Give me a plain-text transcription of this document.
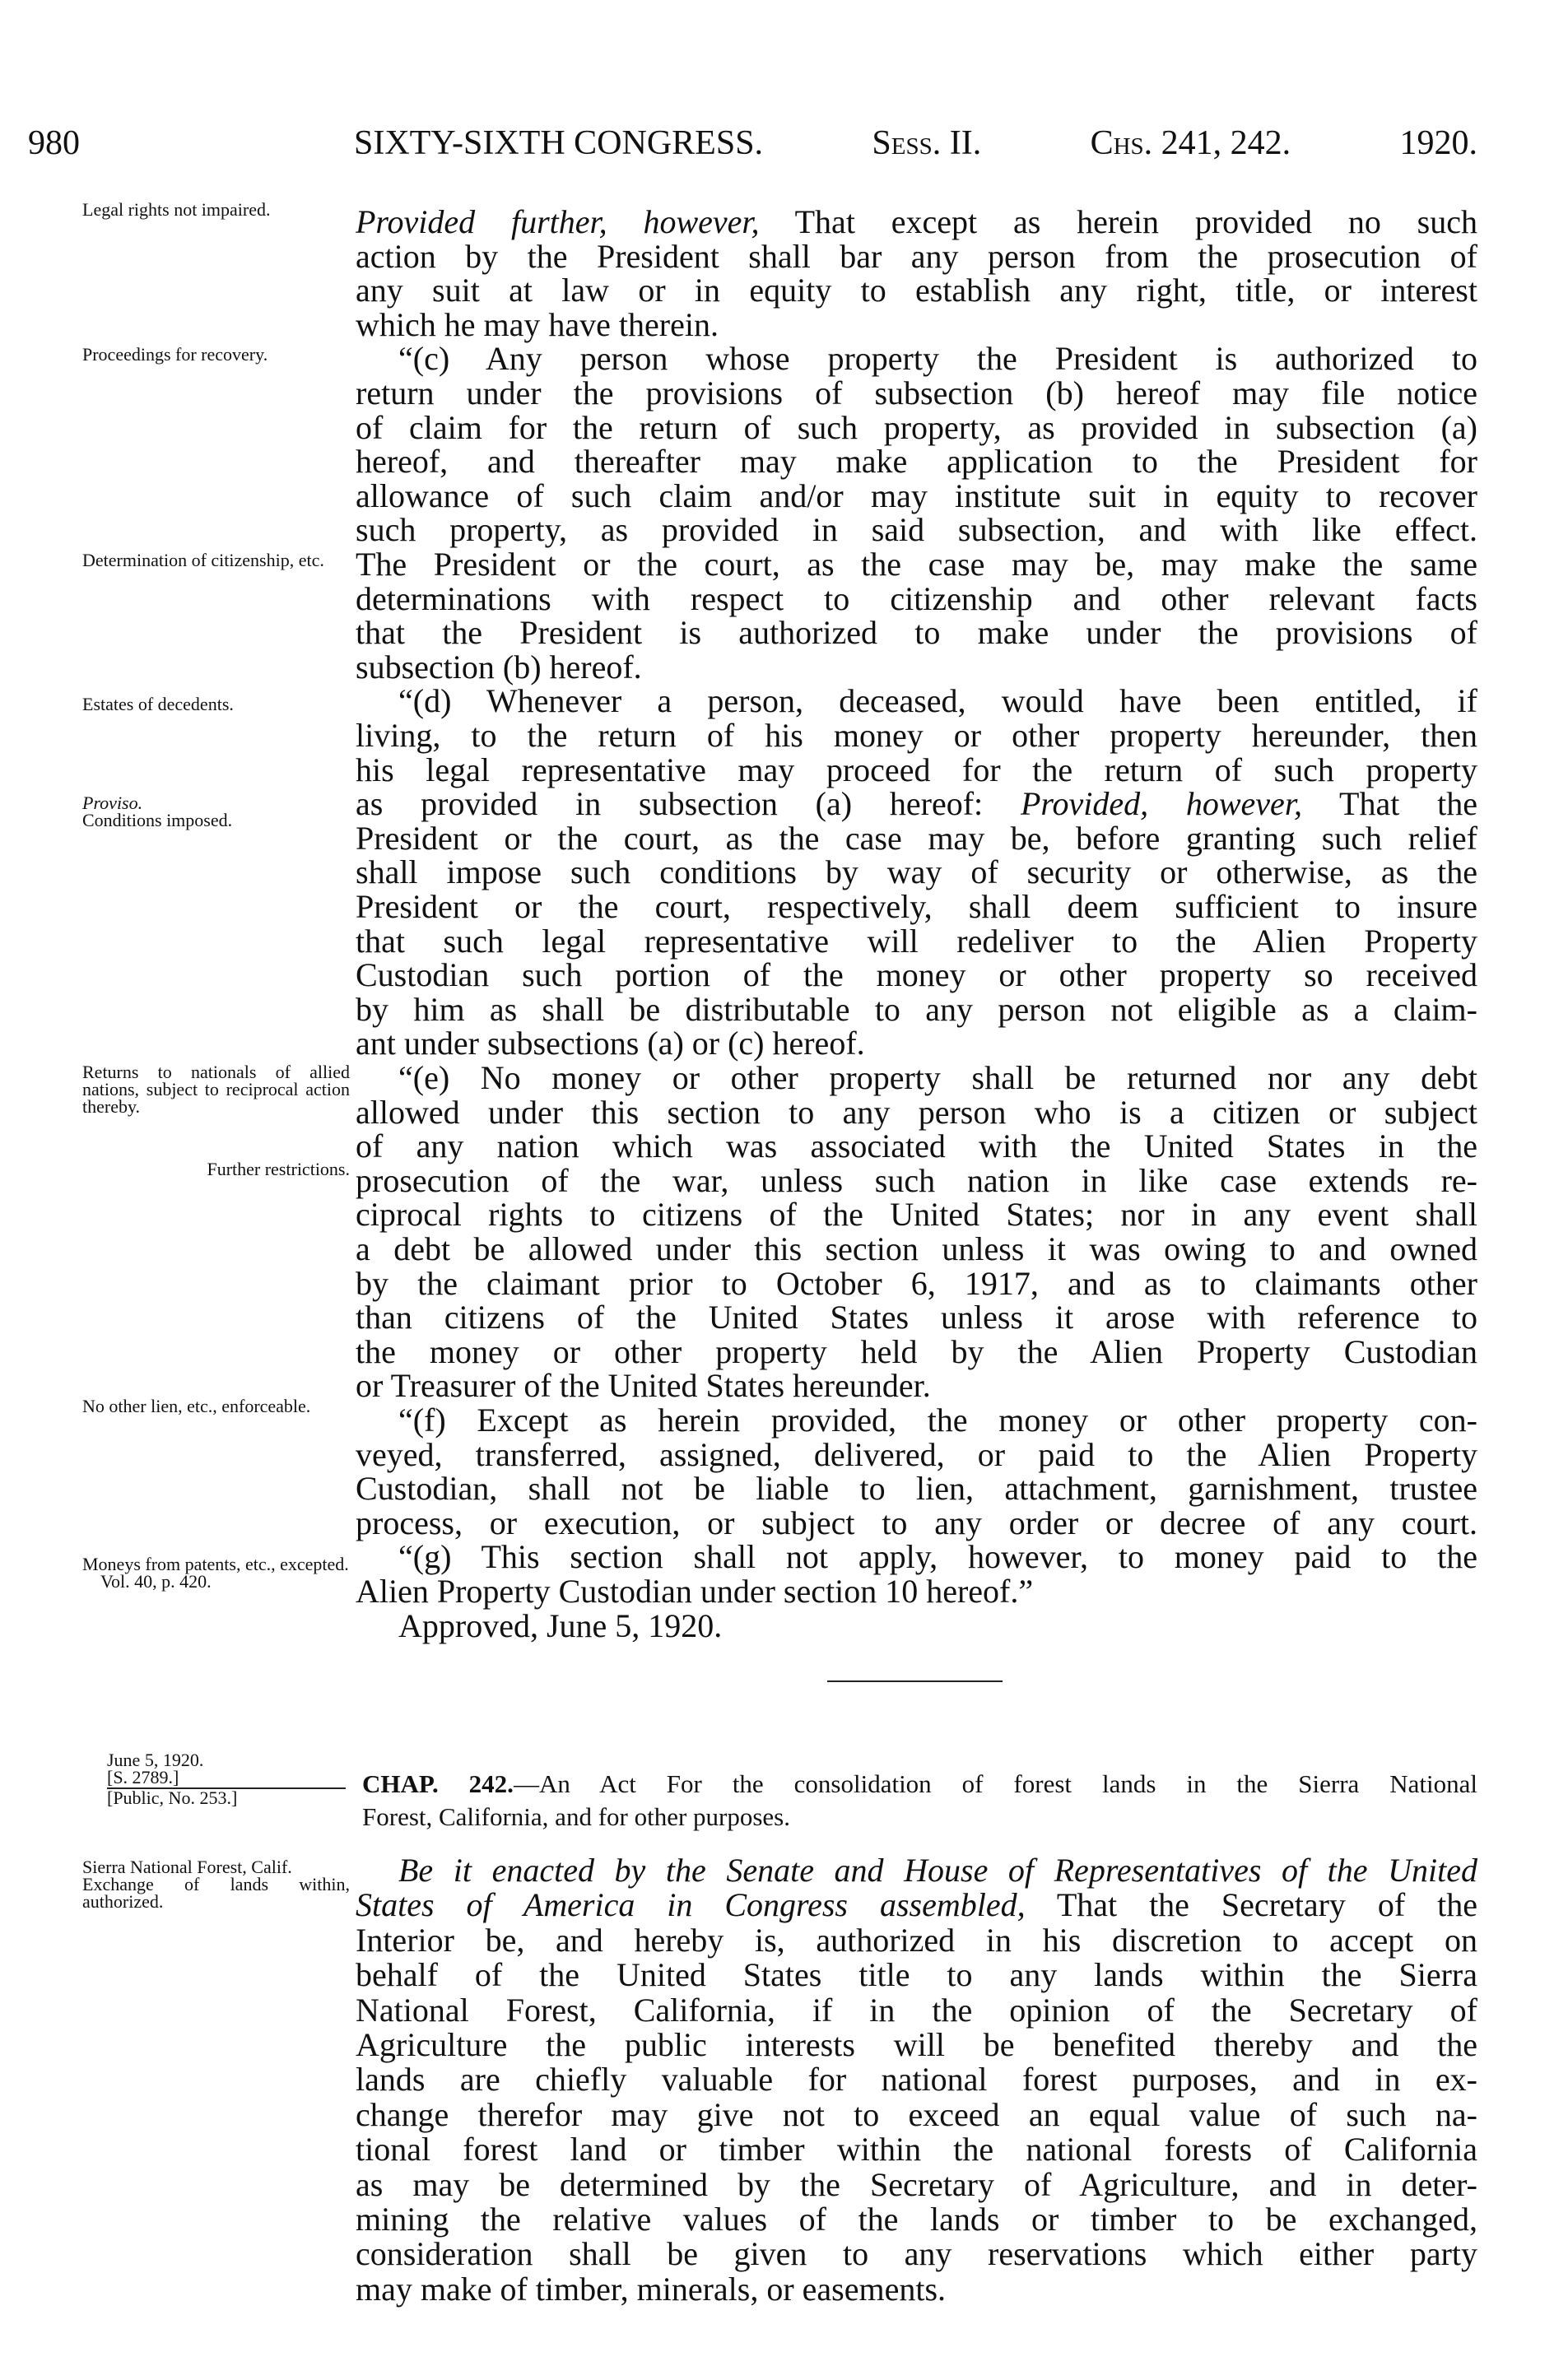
980	SIXTY-SIXTH CONGRESS.	Sess. II.	Chs. 241, 242.	1920.
Provided further, however, That except as herein provided no such
action by the President shall bar any person from the prosecution of
any suit at law or in equity to establish any right, title, or interest
which he may have therein.
“(c) Any person whose property the President is authorized to
return under the provisions of subsection (b) hereof may file notice
of claim for the return of such property, as provided in subsection (a)
hereof, and thereafter may make application to the President for
allowance of such claim and/or may institute suit in equity to recover
such property, as provided in said subsection, and with like effect.
The President or the court, as the case may be, may make the same
determinations with respect to citizenship and other relevant facts
that the President is authorized to make under the provisions of
subsection (b) hereof.
“(d) Whenever a person, deceased, would have been entitled, if
living, to the return of his money or other property hereunder, then
his legal representative may proceed for the return of such property
as provided in subsection (a) hereof: Provided, however, That the
President or the court, as the case may be, before granting such relief
shall impose such conditions by way of security or otherwise, as the
President or the court, respectively, shall deem sufficient to insure
that such legal representative will redeliver to the Alien Property
Custodian such portion of the money or other property so received
by him as shall be distributable to any person not eligible as a claim-
ant under subsections (a) or (c) hereof.
“(e) No money or other property shall be returned nor any debt
allowed under this section to any person who is a citizen or subject
of any nation which was associated with the United States in the
prosecution of the war, unless such nation in like case extends re-
ciprocal rights to citizens of the United States; nor in any event shall
a debt be allowed under this section unless it was owing to and owned
by the claimant prior to October 6, 1917, and as to claimants other
than citizens of the United States unless it arose with reference to
the money or other property held by the Alien Property Custodian
or Treasurer of the United States hereunder.
“(f) Except as herein provided, the money or other property con-
veyed, transferred, assigned, delivered, or paid to the Alien Property
Custodian, shall not be liable to lien, attachment, garnishment, trustee
process, or execution, or subject to any order or decree of any court.
“(g) This section shall not apply, however, to money paid to the
Alien Property Custodian under section 10 hereof.”
Approved, June 5, 1920.
Legal rights not impaired.
Proceedings for recovery.
Determination of citizenship, etc.
Estates of decedents.
Proviso.
Conditions imposed.
Returns to nationals of allied nations, subject to reciprocal action thereby.
Further restrictions.
No other lien, etc., enforceable.
Moneys from patents, etc., excepted.
Vol. 40, p. 420.
June 5, 1920.
[S. 2789.]
[Public, No. 253.]	CHAP. 242.—An Act For the consolidation of forest lands in the Sierra National
Forest, California, and for other purposes.
Sierra National Forest, Calif.
Exchange of lands within, authorized.
Be it enacted by the Senate and House of Representatives of the United
States of America in Congress assembled, That the Secretary of the
Interior be, and hereby is, authorized in his discretion to accept on
behalf of the United States title to any lands within the Sierra
National Forest, California, if in the opinion of the Secretary of
Agriculture the public interests will be benefited thereby and the
lands are chiefly valuable for national forest purposes, and in ex-
change therefor may give not to exceed an equal value of such na-
tional forest land or timber within the national forests of California
as may be determined by the Secretary of Agriculture, and in deter-
mining the relative values of the lands or timber to be exchanged,
consideration shall be given to any reservations which either party
may make of timber, minerals, or easements.
